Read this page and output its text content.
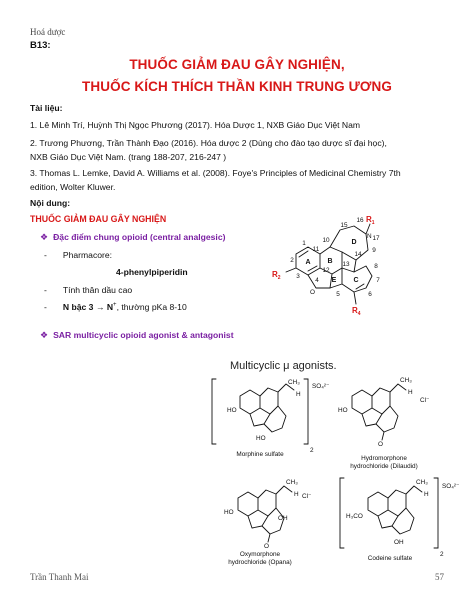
Hoá dược
B13:
THUỐC GIẢM ĐAU GÂY NGHIỆN,
THUỐC KÍCH THÍCH THẦN KINH TRUNG ƯƠNG
Tài liệu:
1. Lê Minh Trí, Huỳnh Thị Ngọc Phương (2017). Hóa Dược 1, NXB Giáo Dục Việt Nam
2. Trương Phương, Trần Thành Đạo (2016). Hóa dược 2 (Dùng cho đào tạo dược sĩ đại học),
NXB Giáo Dục Việt Nam. (trang 188-207, 216-247 )
3. Thomas L. Lemke, David A. Williams et al. (2008). Foye's Principles of Medicinal Chemistry 7th
edition, Wolter Kluwer.
Nội dung:
THUỐC GIẢM ĐAU GÂY NGHIỆN
❖ Đặc điểm chung opioid (central analgesic)
- Pharmacore:
4-phenylpiperidin
- Tính thân dầu cao
- N bậc 3 → N+, thường pKa 8-10
❖ SAR multicyclic opioid agonist & antagonist
$R_2$
$R_1$
$R_4$
N
O
A B
C
D
E
1
2
3
4
5	6
7
8
9
10
11
12
13
14
15
16
17
Multicyclic μ agonists.
HO
HO
CH₃
H
SO₄²⁻
2
Morphine sulfate
HO
O
CH₃
H
Cl⁻
Hydromorphone
hydrochloride (Dilaudid)
HO
O
CH₃
OH
H Cl⁻
Oxymorphone
hydrochloride (Opana)
H₃CO
OH
CH₃
H
SO₄²⁻
2
Codeine sulfate
Trần Thanh Mai	57
